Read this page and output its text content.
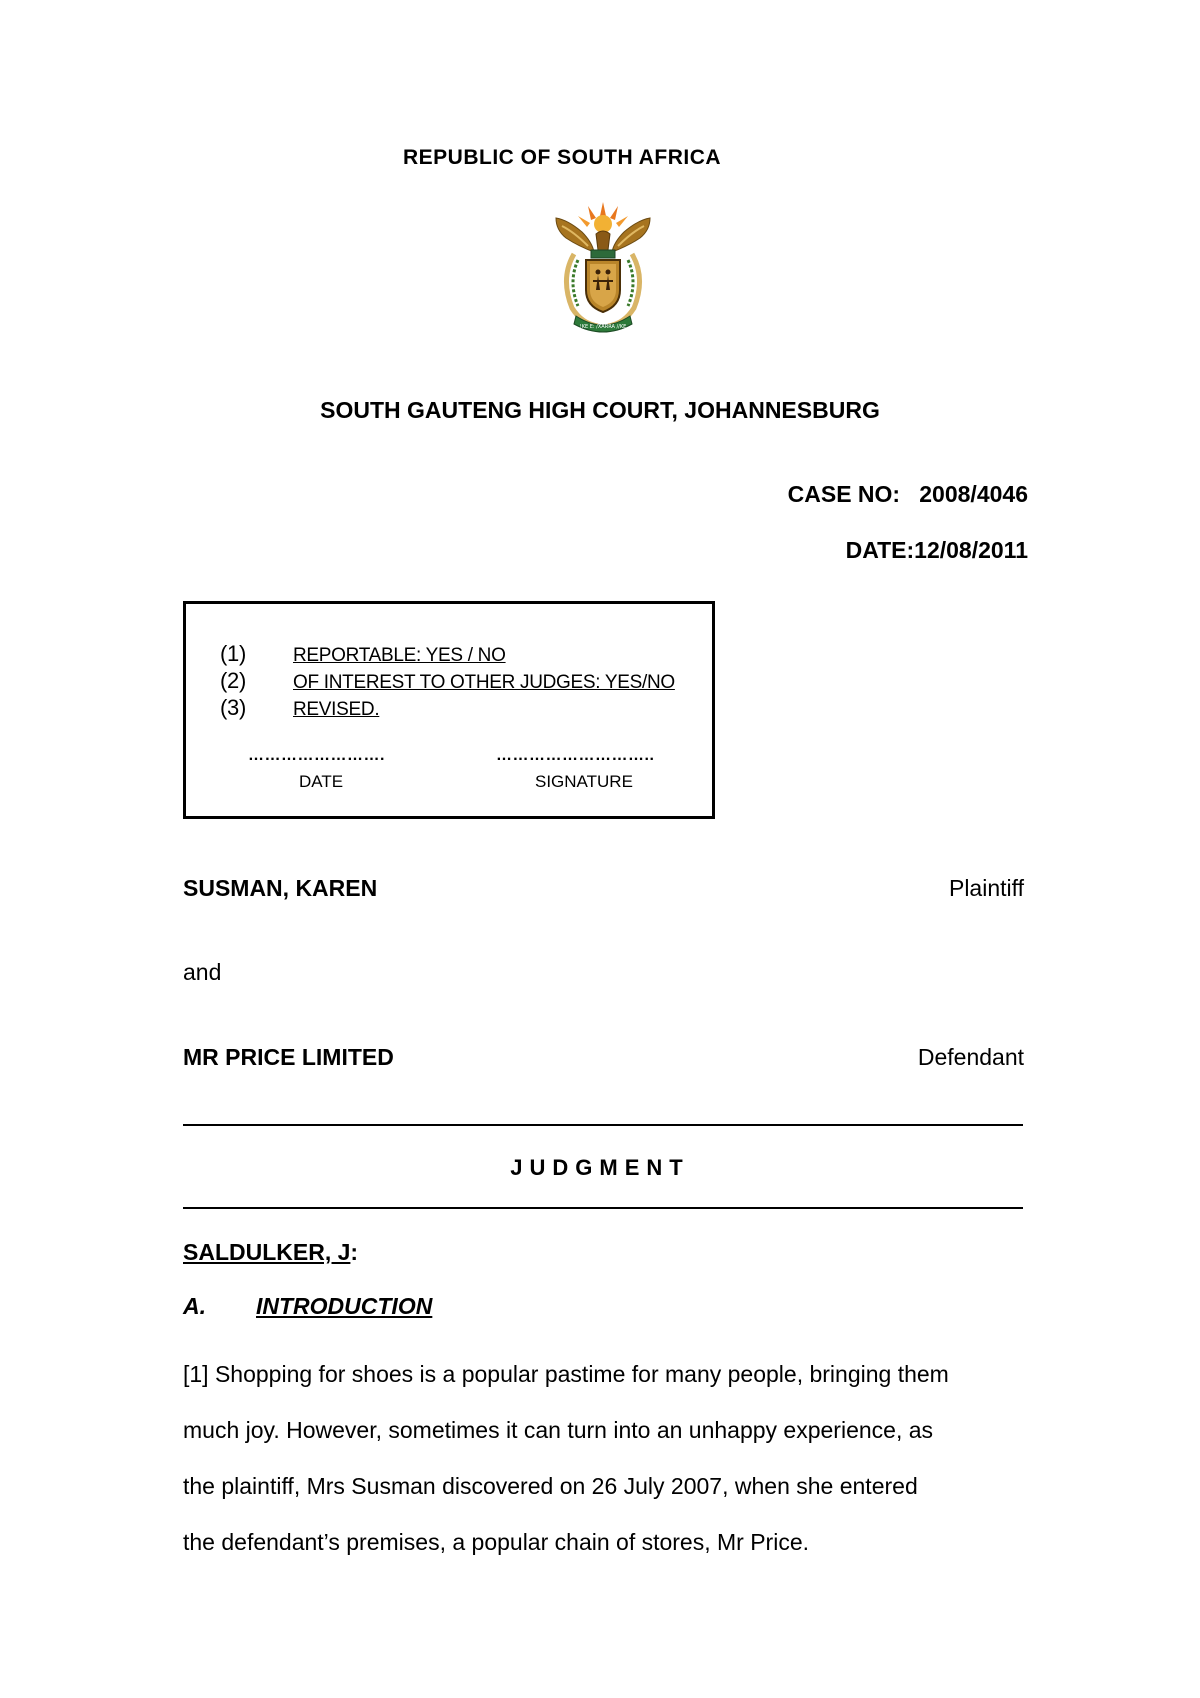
REPUBLIC OF SOUTH AFRICA

!KE E: /XARRA //KE

SOUTH GAUTENG HIGH COURT, JOHANNESBURG

CASE NO: 2008/4046

DATE:12/08/2011

(1) REPORTABLE: YES / NO
(2) OF INTEREST TO OTHER JUDGES: YES/NO
(3) REVISED.
…………………….	………………………..
DATE	SIGNATURE

SUSMAN, KAREN	Plaintiff

and

MR PRICE LIMITED	Defendant

JUDGMENT

SALDULKER, J:

A. INTRODUCTION

[1] Shopping for shoes is a popular pastime for many people, bringing them

much joy. However, sometimes it can turn into an unhappy experience, as

the plaintiff, Mrs Susman discovered on 26 July 2007, when she entered

the defendant’s premises, a popular chain of stores, Mr Price.
